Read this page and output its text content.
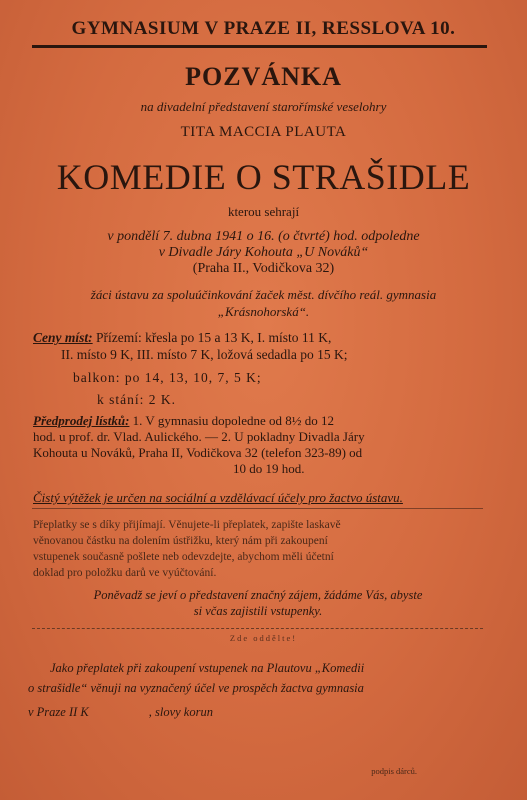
GYMNASIUM V PRAZE II, RESSLOVA 10.
POZVÁNKA
na divadelní představení starořímské veselohry
TITA MACCIA PLAUTA
KOMEDIE O STRAŠIDLE
kterou sehrají
v pondělí 7. dubna 1941 o 16. (o čtvrté) hod. odpoledne
v Divadle Járy Kohouta „U Nováků“
(Praha II., Vodičkova 32)
žáci ústavu za spoluúčinkování žaček měst. dívčího reál. gymnasia
„Krásnohorská“.
Ceny míst: Přízemí: křesla po 15 a 13 K, I. místo 11 K,
II. místo 9 K, III. místo 7 K, ložová sedadla po 15 K;
balkon: po 14, 13, 10, 7, 5 K;
k stání: 2 K.
Předprodej lístků: 1. V gymnasiu dopoledne od 8½ do 12
hod. u prof. dr. Vlad. Aulického. — 2. U pokladny Divadla Járy
Kohouta u Nováků, Praha II, Vodičkova 32 (telefon 323-89) od
10 do 19 hod.
Čistý výtěžek je určen na sociální a vzdělávací účely pro žactvo ústavu.
Přeplatky se s díky přijímají. Věnujete-li přeplatek, zapište laskavě
věnovanou částku na dolením ústřižku, který nám při zakoupení
vstupenek současně pošlete neb odevzdejte, abychom měli účetní
doklad pro položku darů ve vyúčtování.
Poněvadž se jeví o představení značný zájem, žádáme Vás, abyste
si včas zajistili vstupenky.
Zde oddělte!
Jako přeplatek při zakoupení vstupenek na Plautovu „Komedii
o strašidle“ věnuji na vyznačený účel ve prospěch žactva gymnasia
v Praze II K	, slovy korun
podpis dárců.
